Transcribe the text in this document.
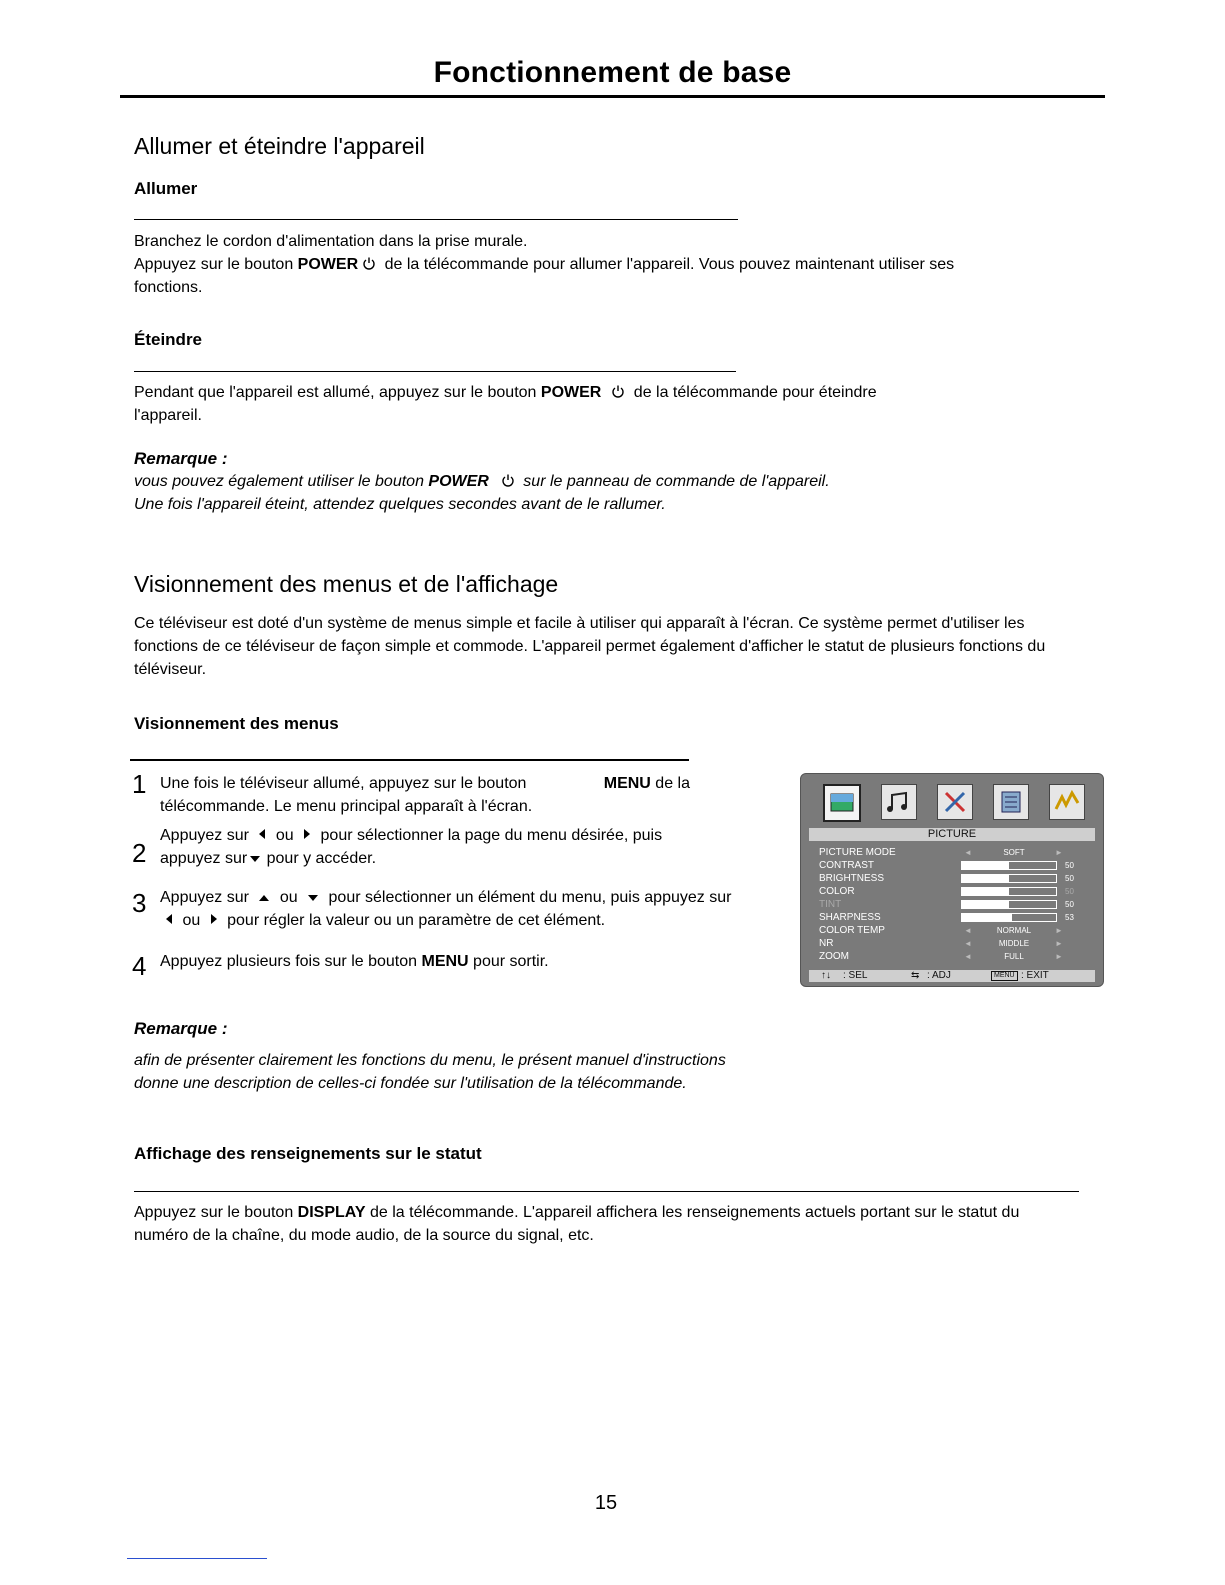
Fonctionnement de base
Allumer et éteindre l'appareil
Allumer
Branchez le cordon d'alimentation dans la prise murale.
Appuyez sur le bouton POWER de la télécommande pour allumer l'appareil. Vous pouvez maintenant utiliser ses
fonctions.
Éteindre
Pendant que l'appareil est allumé, appuyez sur le bouton POWER de la télécommande pour éteindre
l'appareil.
Remarque :
vous pouvez également utiliser le bouton POWER sur le panneau de commande de l'appareil.
Une fois l'appareil éteint, attendez quelques secondes avant de le rallumer.
Visionnement des menus et de l'affichage
Ce téléviseur est doté d'un système de menus simple et facile à utiliser qui apparaît à l'écran. Ce système permet d'utiliser les
fonctions de ce téléviseur de façon simple et commode. L'appareil permet également d'afficher le statut de plusieurs fonctions du
téléviseur.
Visionnement des menus
1 Une fois le téléviseur allumé, appuyez sur le bouton	MENU de la
télécommande. Le menu principal apparaît à l'écran.
2
Appuyez sur  ou  pour sélectionner la page du menu désirée, puis
appuyez sur pour y accéder.
3 Appuyez sur  ou  pour sélectionner un élément du menu, puis appuyez sur
ou  pour régler la valeur ou un paramètre de cet élément.
4 Appuyez plusieurs fois sur le bouton MENU pour sortir.
PICTURE
PICTURE MODE	◄	SOFT	►
CONTRAST	50
BRIGHTNESS	50
COLOR	50
TINT	50
SHARPNESS	53
COLOR TEMP	◄	NORMAL	►
NR	◄	MIDDLE	►
ZOOM	◄	FULL	►
↑↓ : SEL	⇆ : ADJ	MENU : EXIT
Remarque :
afin de présenter clairement les fonctions du menu, le présent manuel d'instructions
donne une description de celles-ci fondée sur l'utilisation de la télécommande.
Affichage des renseignements sur le statut
Appuyez sur le bouton DISPLAY de la télécommande. L'appareil affichera les renseignements actuels portant sur le statut du
numéro de la chaîne, du mode audio, de la source du signal, etc.
15
